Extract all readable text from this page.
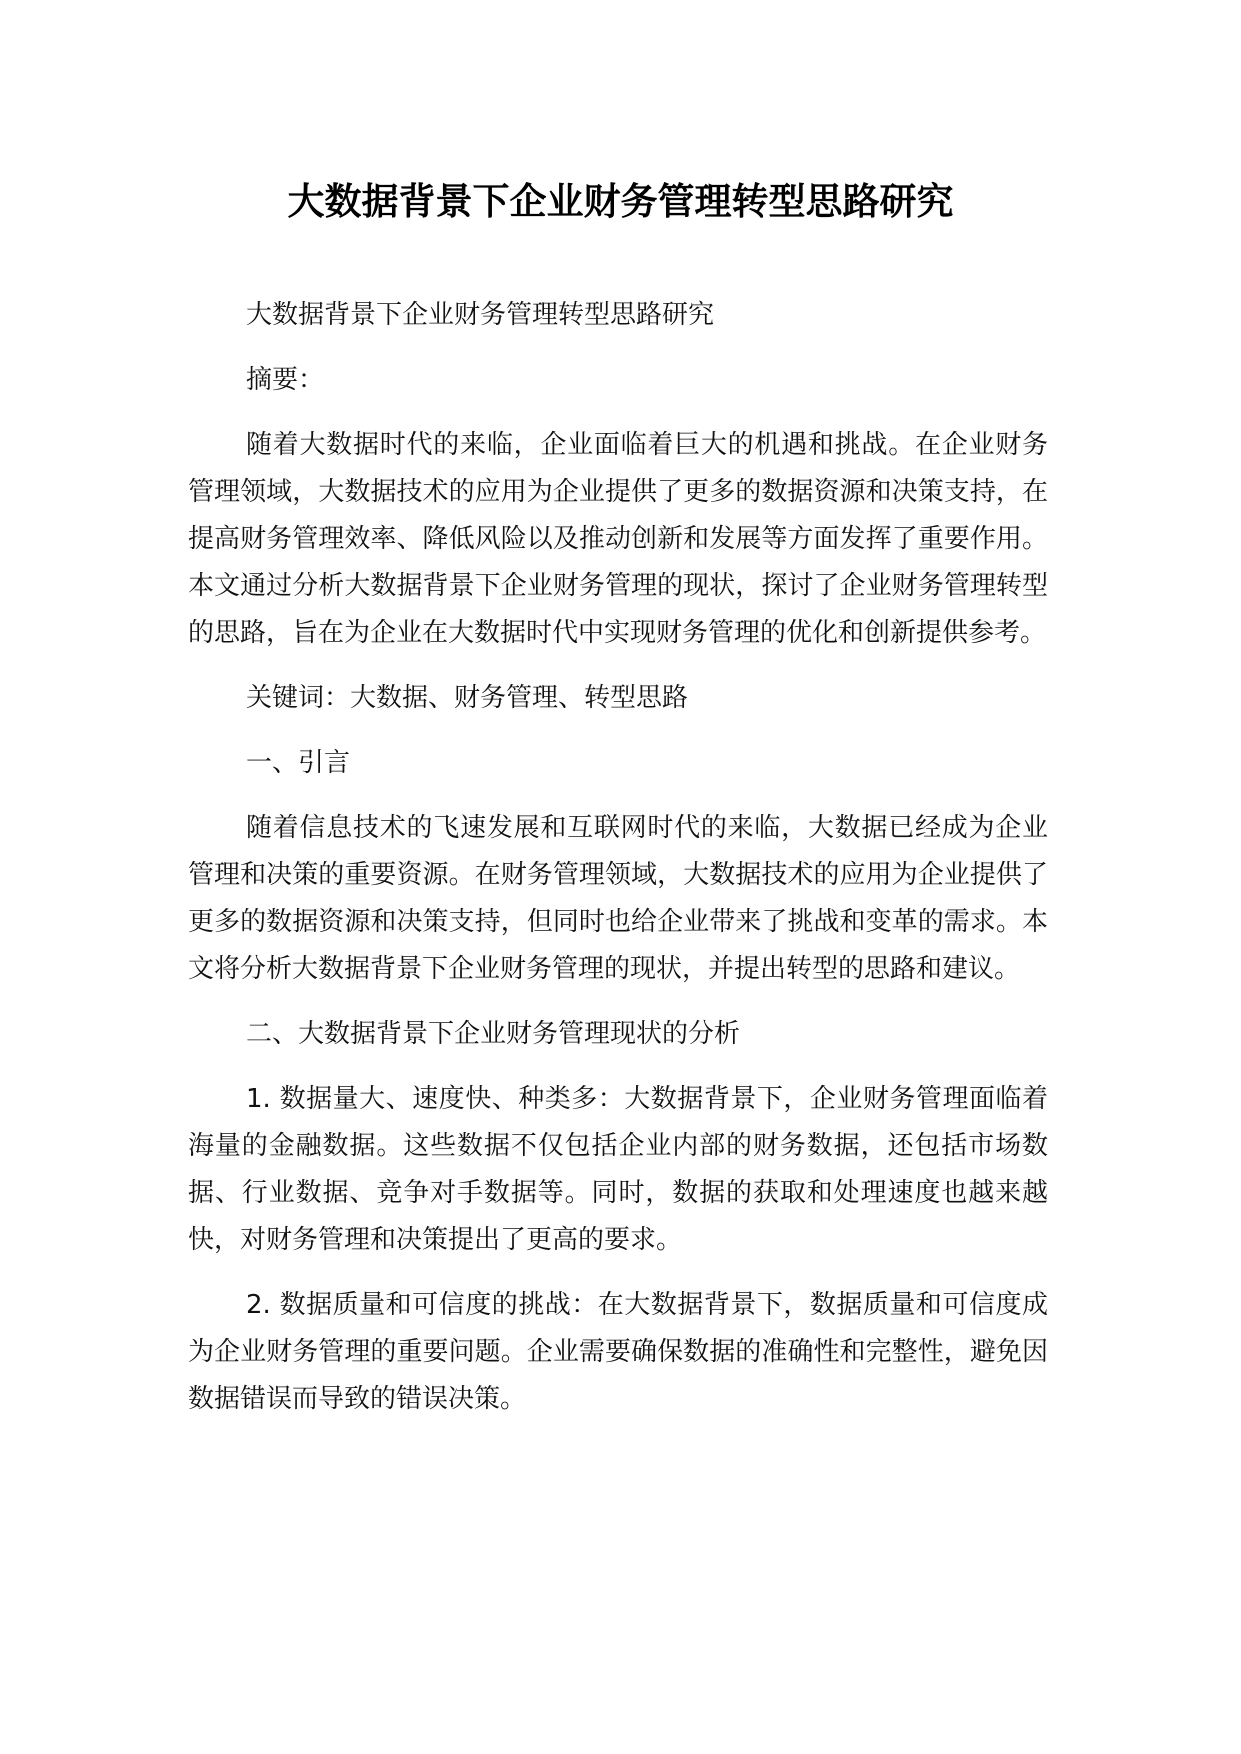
大数据背景下企业财务管理转型思路研究

大数据背景下企业财务管理转型思路研究

摘要：

随着大数据时代的来临，企业面临着巨大的机遇和挑战。在企业财务管理领域，大数据技术的应用为企业提供了更多的数据资源和决策支持，在提高财务管理效率、降低风险以及推动创新和发展等方面发挥了重要作用。本文通过分析大数据背景下企业财务管理的现状，探讨了企业财务管理转型的思路，旨在为企业在大数据时代中实现财务管理的优化和创新提供参考。

关键词：大数据、财务管理、转型思路

一、引言

随着信息技术的飞速发展和互联网时代的来临，大数据已经成为企业管理和决策的重要资源。在财务管理领域，大数据技术的应用为企业提供了更多的数据资源和决策支持，但同时也给企业带来了挑战和变革的需求。本文将分析大数据背景下企业财务管理的现状，并提出转型的思路和建议。

二、大数据背景下企业财务管理现状的分析

1. 数据量大、速度快、种类多：大数据背景下，企业财务管理面临着海量的金融数据。这些数据不仅包括企业内部的财务数据，还包括市场数据、行业数据、竞争对手数据等。同时，数据的获取和处理速度也越来越快，对财务管理和决策提出了更高的要求。

2. 数据质量和可信度的挑战：在大数据背景下，数据质量和可信度成为企业财务管理的重要问题。企业需要确保数据的准确性和完整性，避免因数据错误而导致的错误决策。
